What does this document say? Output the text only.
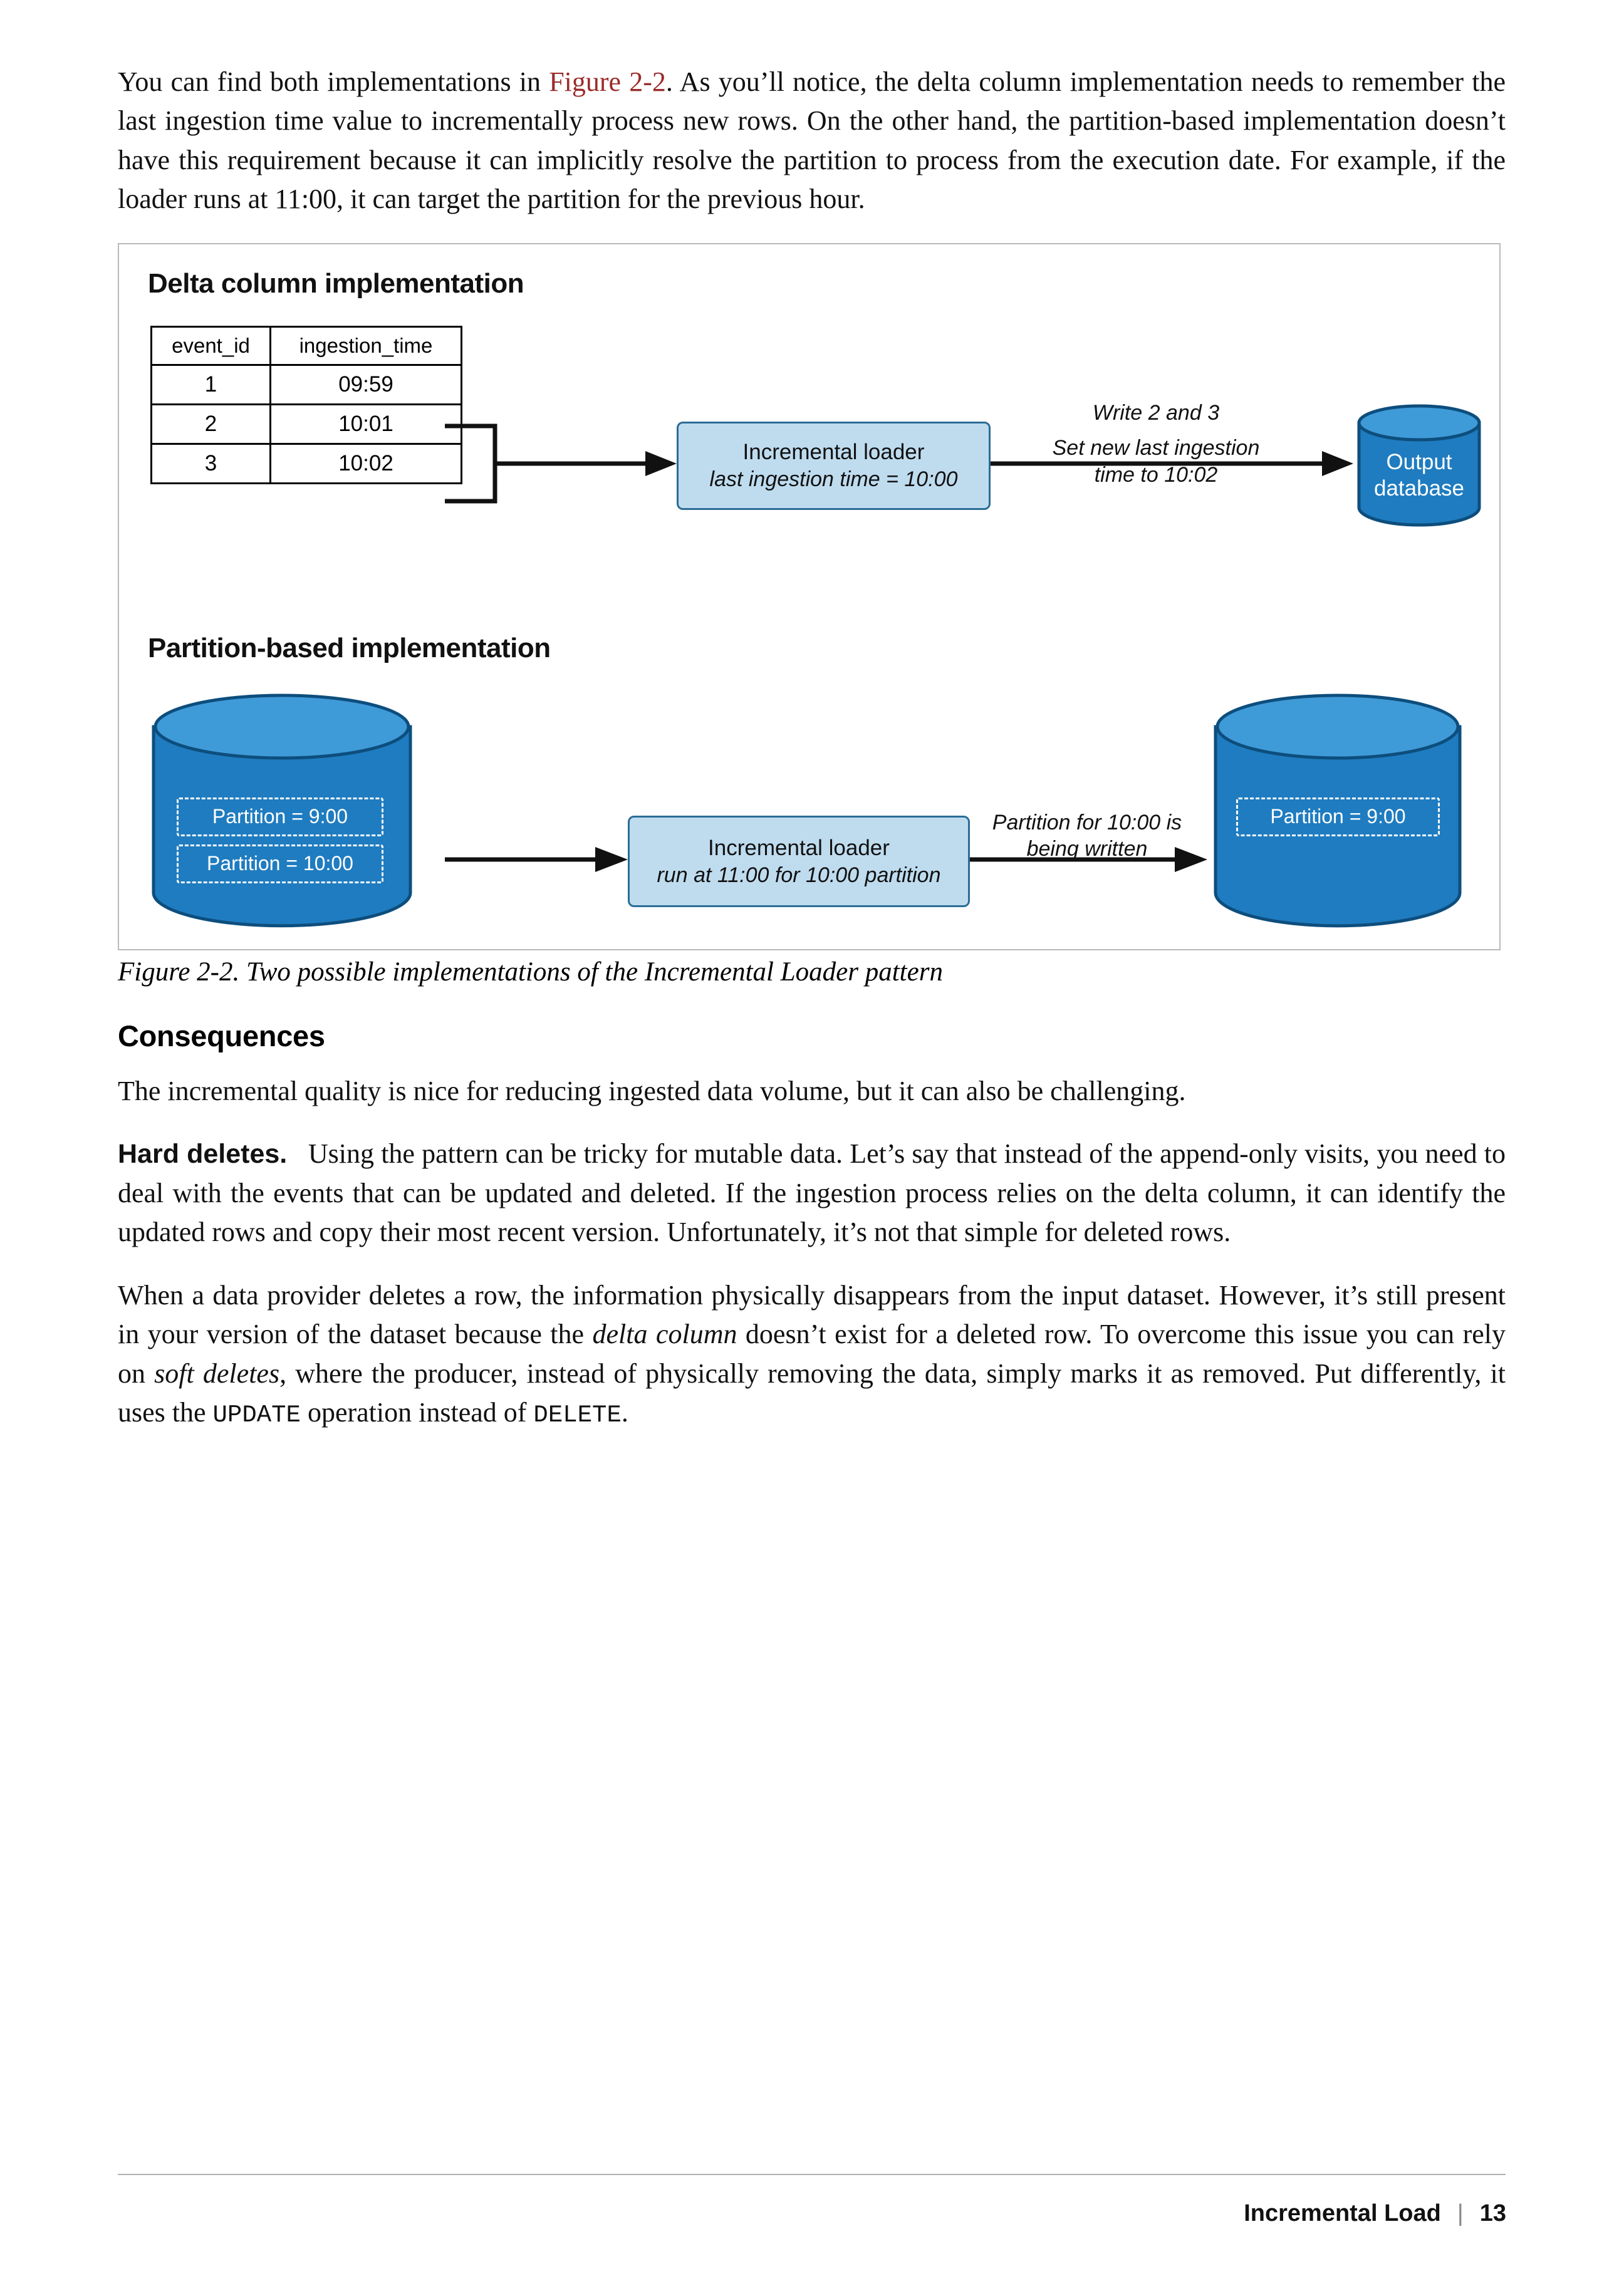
You can find both implementations in Figure 2-2. As you’ll notice, the delta column implementation needs to remember the last ingestion time value to incrementally process new rows. On the other hand, the partition-based implementation doesn’t have this requirement because it can implicitly resolve the partition to process from the execution date. For example, if the loader runs at 11:00, it can target the partition for the previous hour.

Delta column implementation
event_id	ingestion_time
1	09:59
2	10:01
3	10:02	Incremental loader
last ingestion time = 10:00
Write 2 and 3
Set new last ingestion
time to 10:02
Output
database
Partition-based implementation
Partition = 9:00
Partition = 10:00
Incremental loader
run at 11:00 for 10:00 partition
Partition for 10:00 is
being written
Partition = 9:00

Figure 2-2. Two possible implementations of the Incremental Loader pattern

Consequences

The incremental quality is nice for reducing ingested data volume, but it can also be challenging.

Hard deletes. Using the pattern can be tricky for mutable data. Let’s say that instead of the append-only visits, you need to deal with the events that can be updated and deleted. If the ingestion process relies on the delta column, it can identify the updated rows and copy their most recent version. Unfortunately, it’s not that simple for deleted rows.

When a data provider deletes a row, the information physically disappears from the input dataset. However, it’s still present in your version of the dataset because the delta column doesn’t exist for a deleted row. To overcome this issue you can rely on soft deletes, where the producer, instead of physically removing the data, simply marks it as removed. Put differently, it uses the UPDATE operation instead of DELETE.

Incremental Load | 13
